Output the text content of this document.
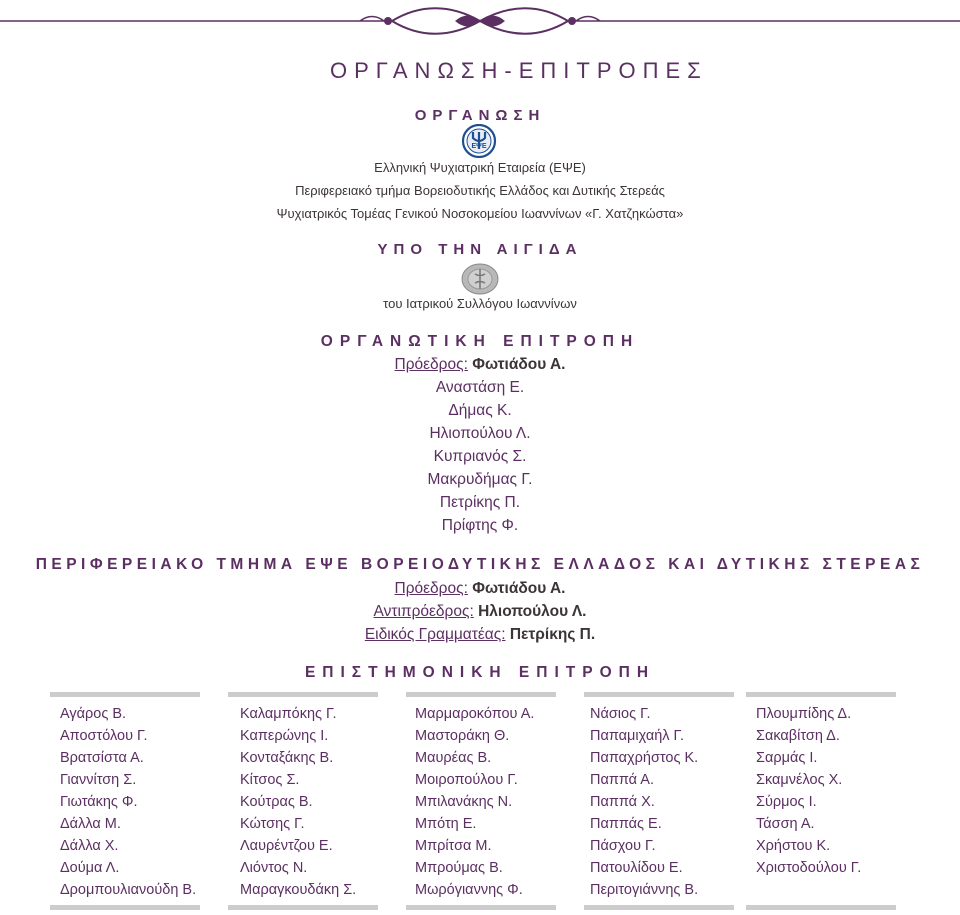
ΟΡΓΑΝΩΣΗ-ΕΠΙΤΡΟΠΕΣ
ΟΡΓΑΝΩΣΗ
ΕΨΕ
Ελληνική Ψυχιατρική Εταιρεία (ΕΨΕ)
Περιφερειακό τμήμα Βορειοδυτικής Ελλάδος και Δυτικής Στερεάς
Ψυχιατρικός Τομέας Γενικού Νοσοκομείου Ιωαννίνων «Γ. Χατζηκώστα»
ΥΠΟ ΤΗΝ ΑΙΓΙΔΑ
του Ιατρικού Συλλόγου Ιωαννίνων
ΟΡΓΑΝΩΤΙΚΗ ΕΠΙΤΡΟΠΗ
Πρόεδρος: Φωτιάδου Α.
Αναστάση Ε.
Δήμας Κ.
Ηλιοπούλου Λ.
Κυπριανός Σ.
Μακρυδήμας Γ.
Πετρίκης Π.
Πρίφτης Φ.
ΠΕΡΙΦΕΡΕΙΑΚΟ ΤΜΗΜΑ ΕΨΕ ΒΟΡΕΙΟΔΥΤΙΚΗΣ ΕΛΛΑΔΟΣ ΚΑΙ ΔΥΤΙΚΗΣ ΣΤΕΡΕΑΣ
Πρόεδρος: Φωτιάδου Α.
Αντιπρόεδρος: Ηλιοπούλου Λ.
Ειδικός Γραμματέας: Πετρίκης Π.
ΕΠΙΣΤΗΜΟΝΙΚΗ ΕΠΙΤΡΟΠΗ
Αγάρος Β.
Αποστόλου Γ.
Βρατσίστα Α.
Γιαννίτση Σ.
Γιωτάκης Φ.
Δάλλα Μ.
Δάλλα Χ.
Δούμα Λ.
Δρομπουλιανούδη Β.
Καλαμπόκης Γ.
Καπερώνης Ι.
Κονταξάκης Β.
Κίτσος Σ.
Κούτρας Β.
Κώτσης Γ.
Λαυρέντζου Ε.
Λιόντος Ν.
Μαραγκουδάκη Σ.
Μαρμαροκόπου Α.
Μαστοράκη Θ.
Μαυρέας Β.
Μοιροπούλου Γ.
Μπιλανάκης Ν.
Μπότη Ε.
Μπρίτσα Μ.
Μπρούμας Β.
Μωρόγιαννης Φ.
Νάσιος Γ.
Παπαμιχαήλ Γ.
Παπαχρήστος Κ.
Παππά Α.
Παππά Χ.
Παππάς Ε.
Πάσχου Γ.
Πατουλίδου Ε.
Περιτογιάννης Β.
Πλουμπίδης Δ.
Σακαβίτση Δ.
Σαρμάς Ι.
Σκαμνέλος Χ.
Σύρμος Ι.
Τάσση Α.
Χρήστου Κ.
Χριστοδούλου Γ.
